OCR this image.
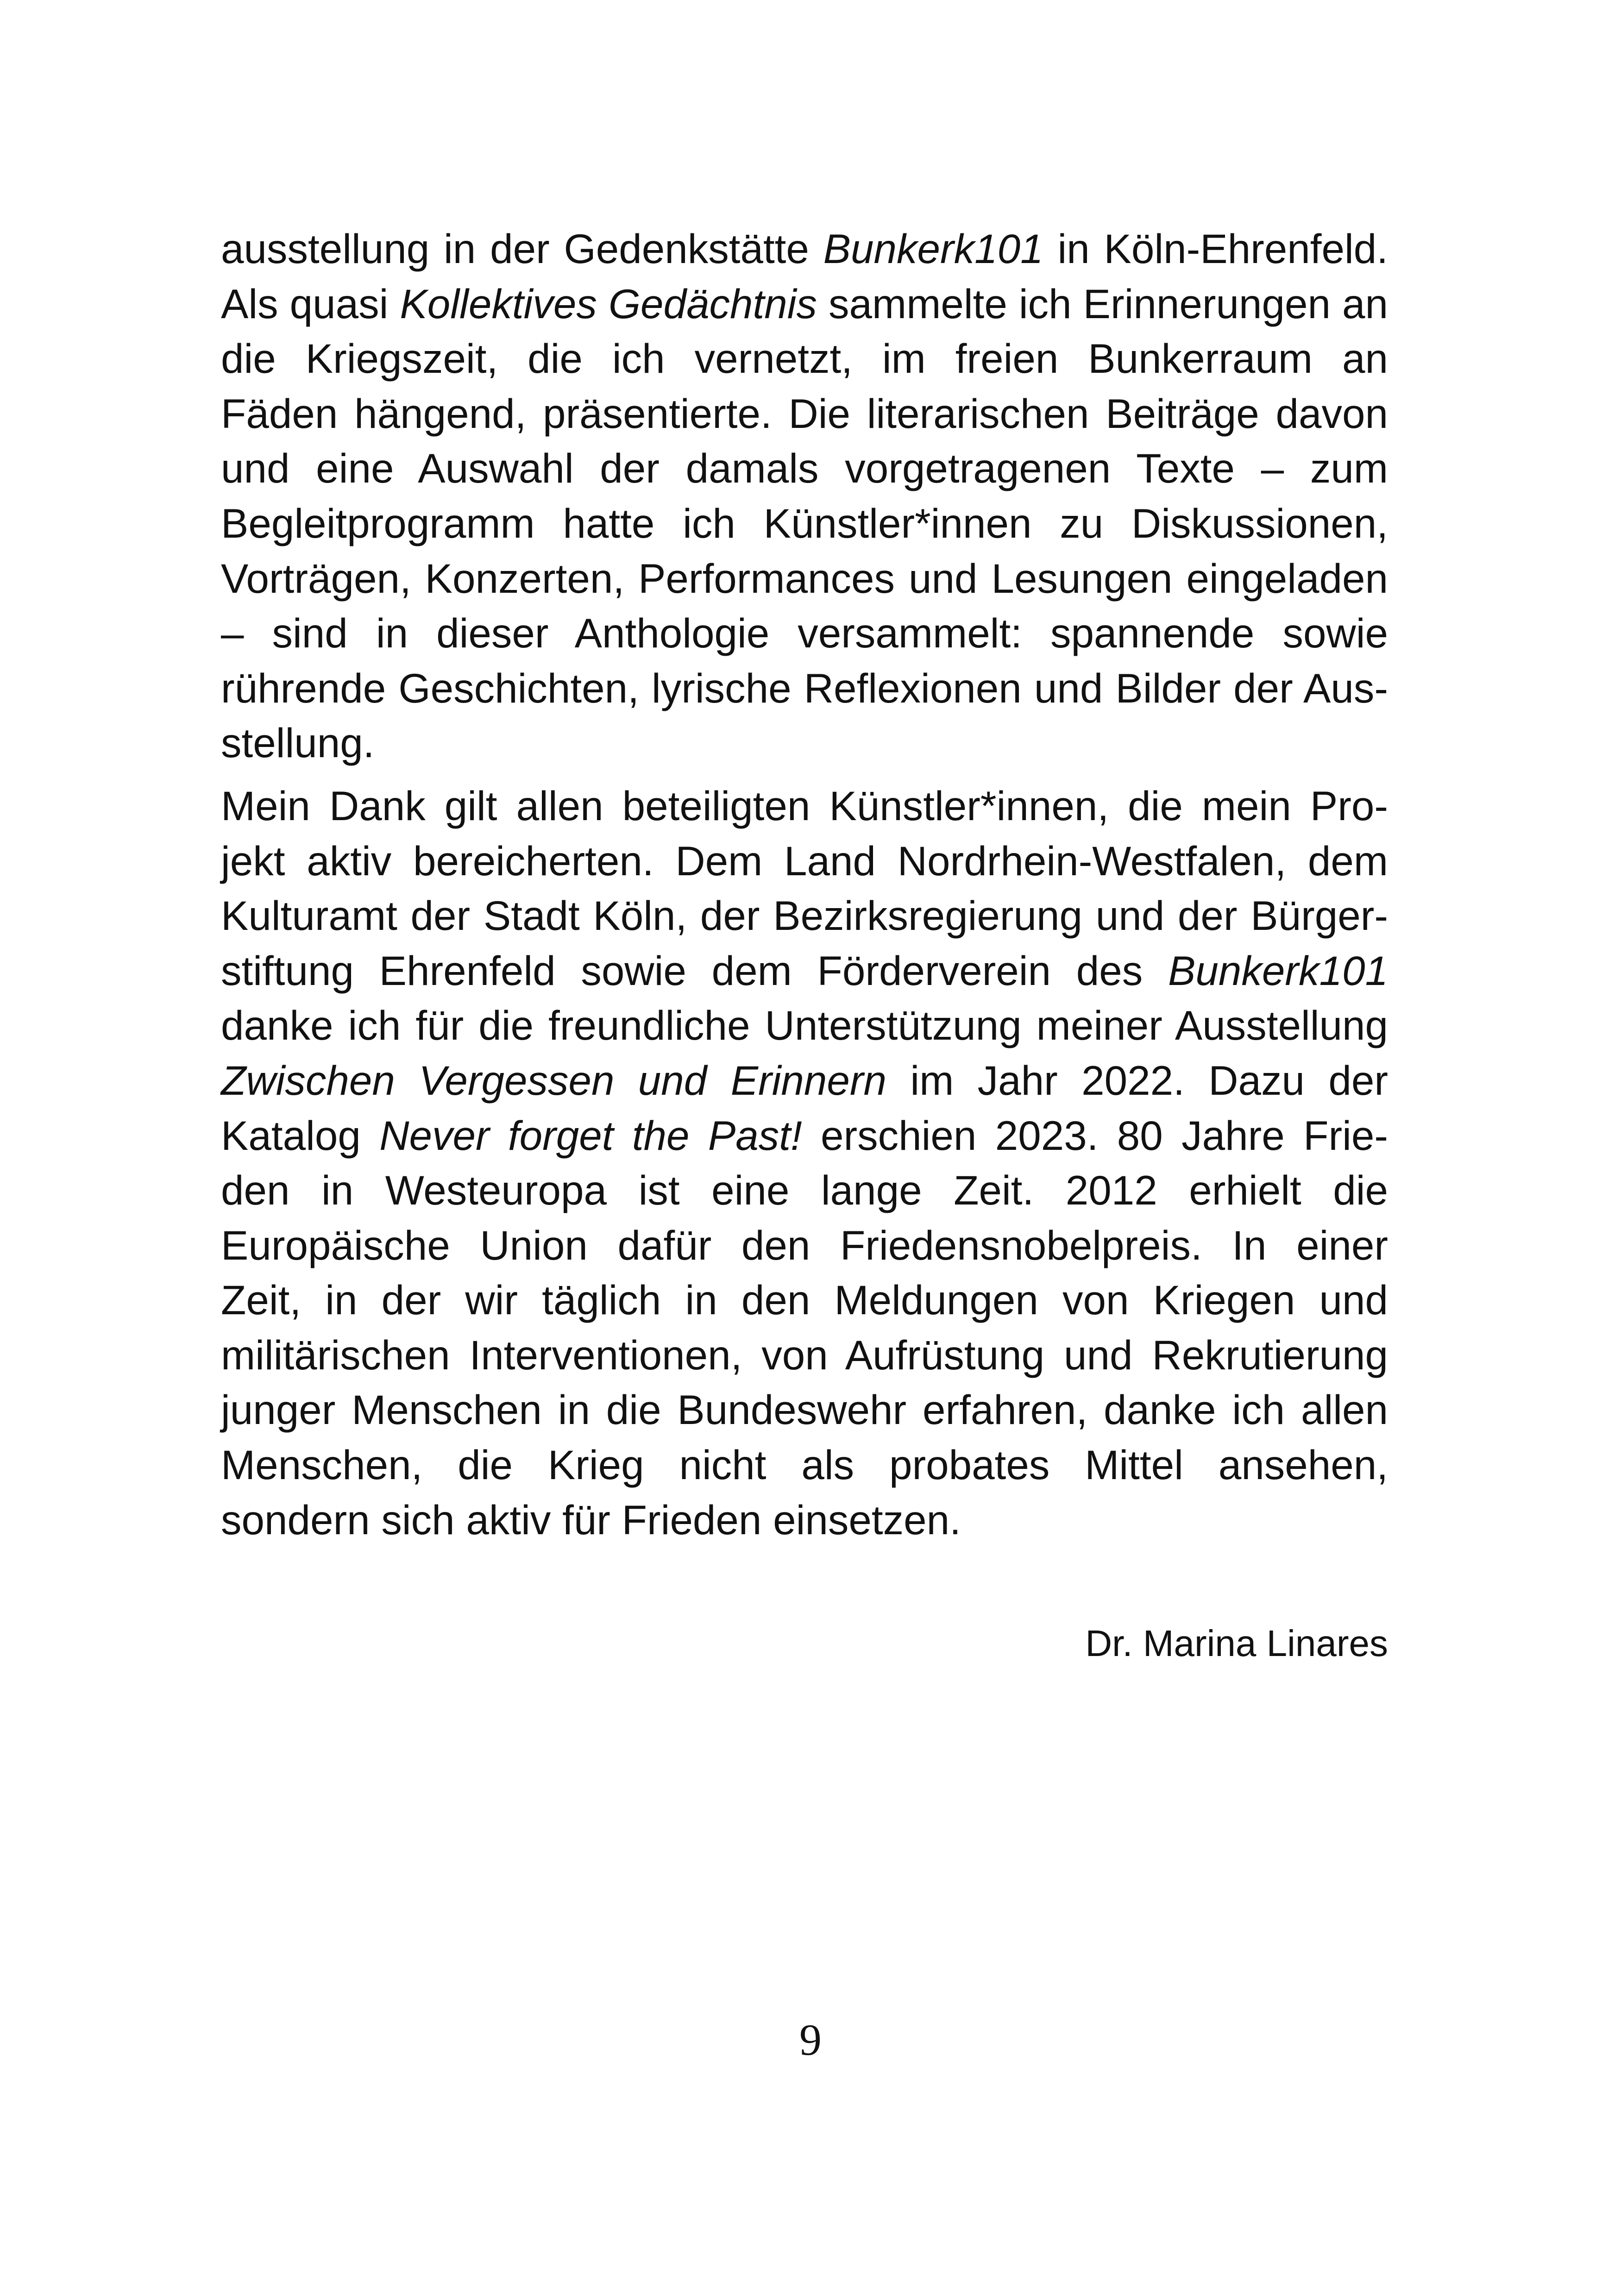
ausstellung in der Gedenkstätte Bunkerk101 in Köln-Ehrenfeld.
Als quasi Kollektives Gedächtnis sammelte ich Erinnerungen an
die Kriegszeit, die ich vernetzt, im freien Bunkerraum an
Fäden hängend, präsentierte. Die literarischen Beiträge davon
und eine Auswahl der damals vorgetragenen Texte – zum
Begleitprogramm hatte ich Künstler*innen zu Diskussionen,
Vorträgen, Konzerten, Performances und Lesungen eingeladen
– sind in dieser Anthologie versammelt: spannende sowie
rührende Geschichten, lyrische Reflexionen und Bilder der Aus-
stellung.

Mein Dank gilt allen beteiligten Künstler*innen, die mein Pro-
jekt aktiv bereicherten. Dem Land Nordrhein-Westfalen, dem
Kulturamt der Stadt Köln, der Bezirksregierung und der Bürger-
stiftung Ehrenfeld sowie dem Förderverein des Bunkerk101
danke ich für die freundliche Unterstützung meiner Ausstellung
Zwischen Vergessen und Erinnern im Jahr 2022. Dazu der
Katalog Never forget the Past! erschien 2023. 80 Jahre Frie-
den in Westeuropa ist eine lange Zeit. 2012 erhielt die
Europäische Union dafür den Friedensnobelpreis. In einer
Zeit, in der wir täglich in den Meldungen von Kriegen und
militärischen Interventionen, von Aufrüstung und Rekrutierung
junger Menschen in die Bundeswehr erfahren, danke ich allen
Menschen, die Krieg nicht als probates Mittel ansehen,
sondern sich aktiv für Frieden einsetzen.

Dr. Marina Linares
9
